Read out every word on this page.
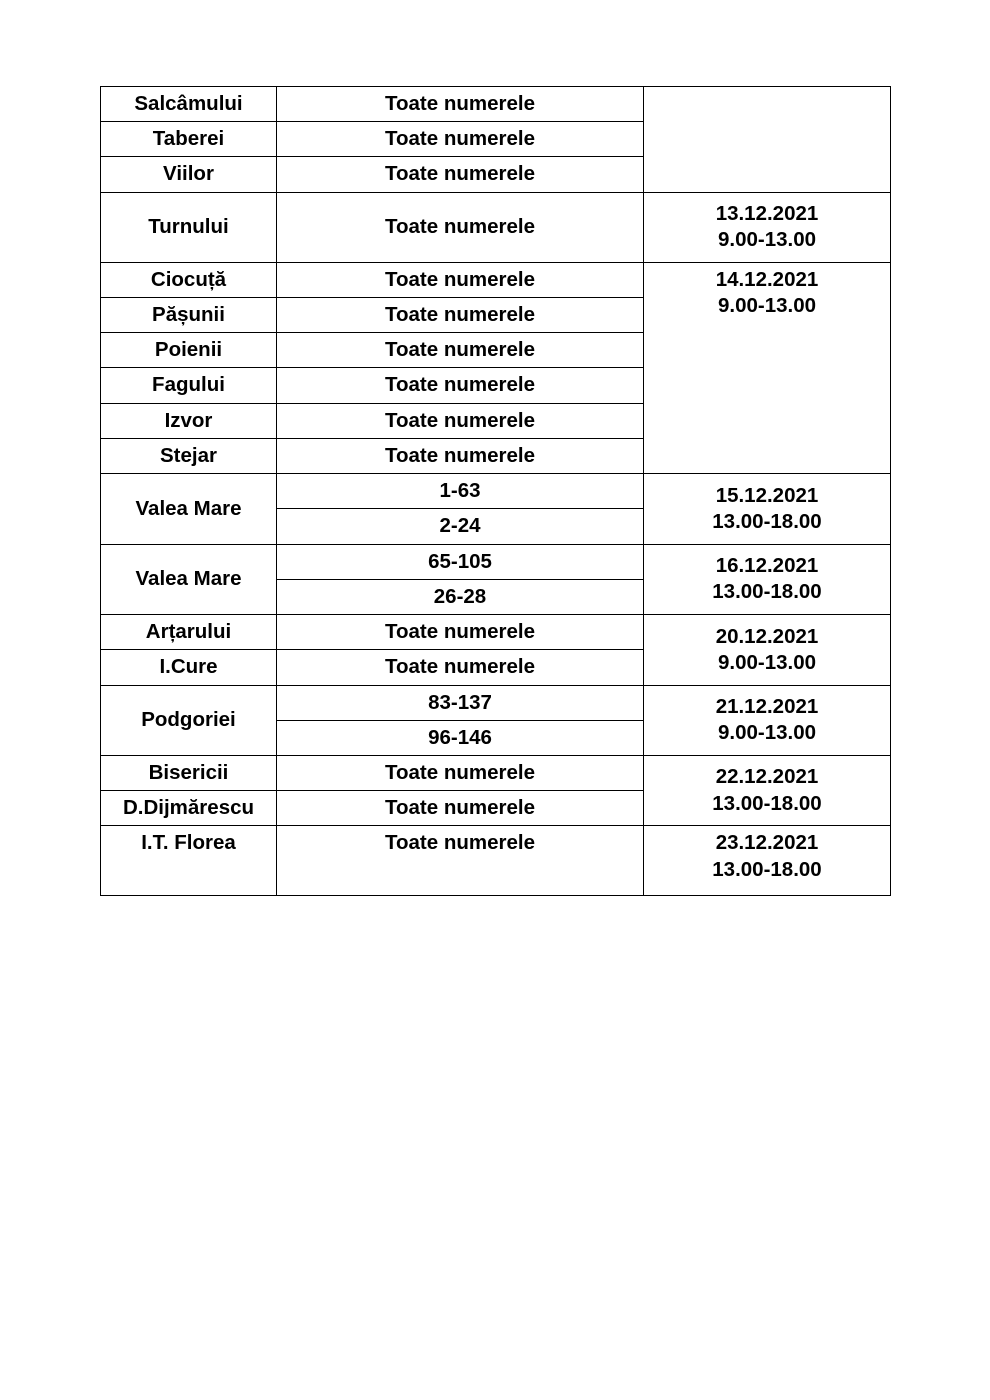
Salcâmului	Toate numerele	
Taberei	Toate numerele	
Viilor	Toate numerele	
Turnului	Toate numerele	13.12.2021
9.00-13.00

Ciocuță	Toate numerele	14.12.2021
9.00-13.00

Pășunii	Toate numerele	
Poienii	Toate numerele	
Fagului	Toate numerele	
Izvor	Toate numerele	
Stejar	Toate numerele	
Valea Mare	1-63	15.12.2021
13.00-18.00

	2-24	
Valea Mare	65-105	16.12.2021
13.00-18.00

	26-28	
Arțarului	Toate numerele	20.12.2021
9.00-13.00

I.Cure	Toate numerele	
Podgoriei	83-137	21.12.2021
9.00-13.00

	96-146	
Bisericii	Toate numerele	22.12.2021
13.00-18.00

D.Dijmărescu	Toate numerele	
I.T. Florea	Toate numerele	23.12.2021
13.00-18.00
